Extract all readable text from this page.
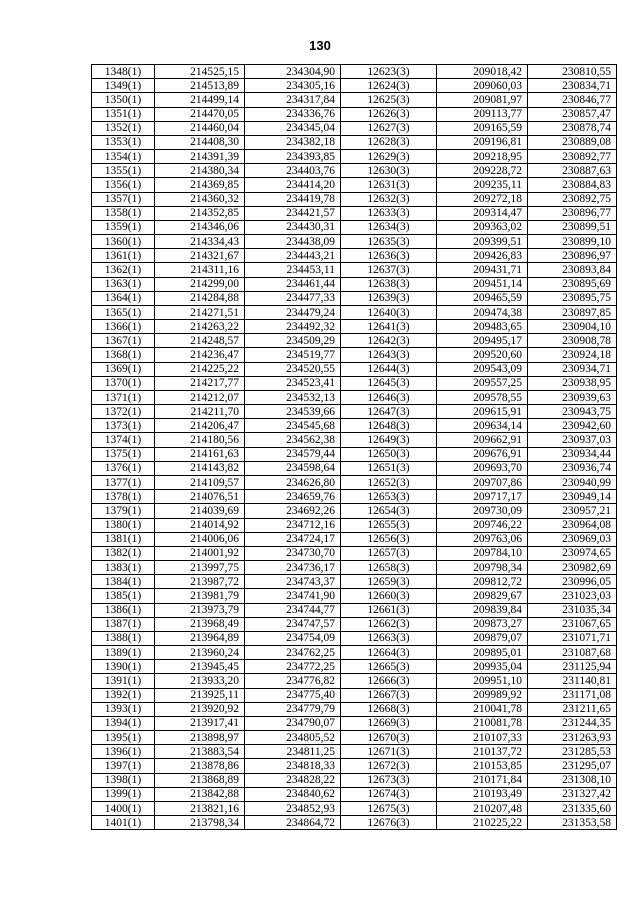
130
1348(1)	214525,15	234304,90	12623(3)	209018,42	230810,55
1349(1)	214513,89	234305,16	12624(3)	209060,03	230834,71
1350(1)	214499,14	234317,84	12625(3)	209081,97	230846,77
1351(1)	214470,05	234336,76	12626(3)	209113,77	230857,47
1352(1)	214460,04	234345,04	12627(3)	209165,59	230878,74
1353(1)	214408,30	234382,18	12628(3)	209196,81	230889,08
1354(1)	214391,39	234393,85	12629(3)	209218,95	230892,77
1355(1)	214380,34	234403,76	12630(3)	209228,72	230887,63
1356(1)	214369,85	234414,20	12631(3)	209235,11	230884,83
1357(1)	214360,32	234419,78	12632(3)	209272,18	230892,75
1358(1)	214352,85	234421,57	12633(3)	209314,47	230896,77
1359(1)	214346,06	234430,31	12634(3)	209363,02	230899,51
1360(1)	214334,43	234438,09	12635(3)	209399,51	230899,10
1361(1)	214321,67	234443,21	12636(3)	209426,83	230896,97
1362(1)	214311,16	234453,11	12637(3)	209431,71	230893,84
1363(1)	214299,00	234461,44	12638(3)	209451,14	230895,69
1364(1)	214284,88	234477,33	12639(3)	209465,59	230895,75
1365(1)	214271,51	234479,24	12640(3)	209474,38	230897,85
1366(1)	214263,22	234492,32	12641(3)	209483,65	230904,10
1367(1)	214248,57	234509,29	12642(3)	209495,17	230908,78
1368(1)	214236,47	234519,77	12643(3)	209520,60	230924,18
1369(1)	214225,22	234520,55	12644(3)	209543,09	230934,71
1370(1)	214217,77	234523,41	12645(3)	209557,25	230938,95
1371(1)	214212,07	234532,13	12646(3)	209578,55	230939,63
1372(1)	214211,70	234539,66	12647(3)	209615,91	230943,75
1373(1)	214206,47	234545,68	12648(3)	209634,14	230942,60
1374(1)	214180,56	234562,38	12649(3)	209662,91	230937,03
1375(1)	214161,63	234579,44	12650(3)	209676,91	230934,44
1376(1)	214143,82	234598,64	12651(3)	209693,70	230936,74
1377(1)	214109,57	234626,80	12652(3)	209707,86	230940,99
1378(1)	214076,51	234659,76	12653(3)	209717,17	230949,14
1379(1)	214039,69	234692,26	12654(3)	209730,09	230957,21
1380(1)	214014,92	234712,16	12655(3)	209746,22	230964,08
1381(1)	214006,06	234724,17	12656(3)	209763,06	230969,03
1382(1)	214001,92	234730,70	12657(3)	209784,10	230974,65
1383(1)	213997,75	234736,17	12658(3)	209798,34	230982,69
1384(1)	213987,72	234743,37	12659(3)	209812,72	230996,05
1385(1)	213981,79	234741,90	12660(3)	209829,67	231023,03
1386(1)	213973,79	234744,77	12661(3)	209839,84	231035,34
1387(1)	213968,49	234747,57	12662(3)	209873,27	231067,65
1388(1)	213964,89	234754,09	12663(3)	209879,07	231071,71
1389(1)	213960,24	234762,25	12664(3)	209895,01	231087,68
1390(1)	213945,45	234772,25	12665(3)	209935,04	231125,94
1391(1)	213933,20	234776,82	12666(3)	209951,10	231140,81
1392(1)	213925,11	234775,40	12667(3)	209989,92	231171,08
1393(1)	213920,92	234779,79	12668(3)	210041,78	231211,65
1394(1)	213917,41	234790,07	12669(3)	210081,78	231244,35
1395(1)	213898,97	234805,52	12670(3)	210107,33	231263,93
1396(1)	213883,54	234811,25	12671(3)	210137,72	231285,53
1397(1)	213878,86	234818,33	12672(3)	210153,85	231295,07
1398(1)	213868,89	234828,22	12673(3)	210171,84	231308,10
1399(1)	213842,88	234840,62	12674(3)	210193,49	231327,42
1400(1)	213821,16	234852,93	12675(3)	210207,48	231335,60
1401(1)	213798,34	234864,72	12676(3)	210225,22	231353,58
